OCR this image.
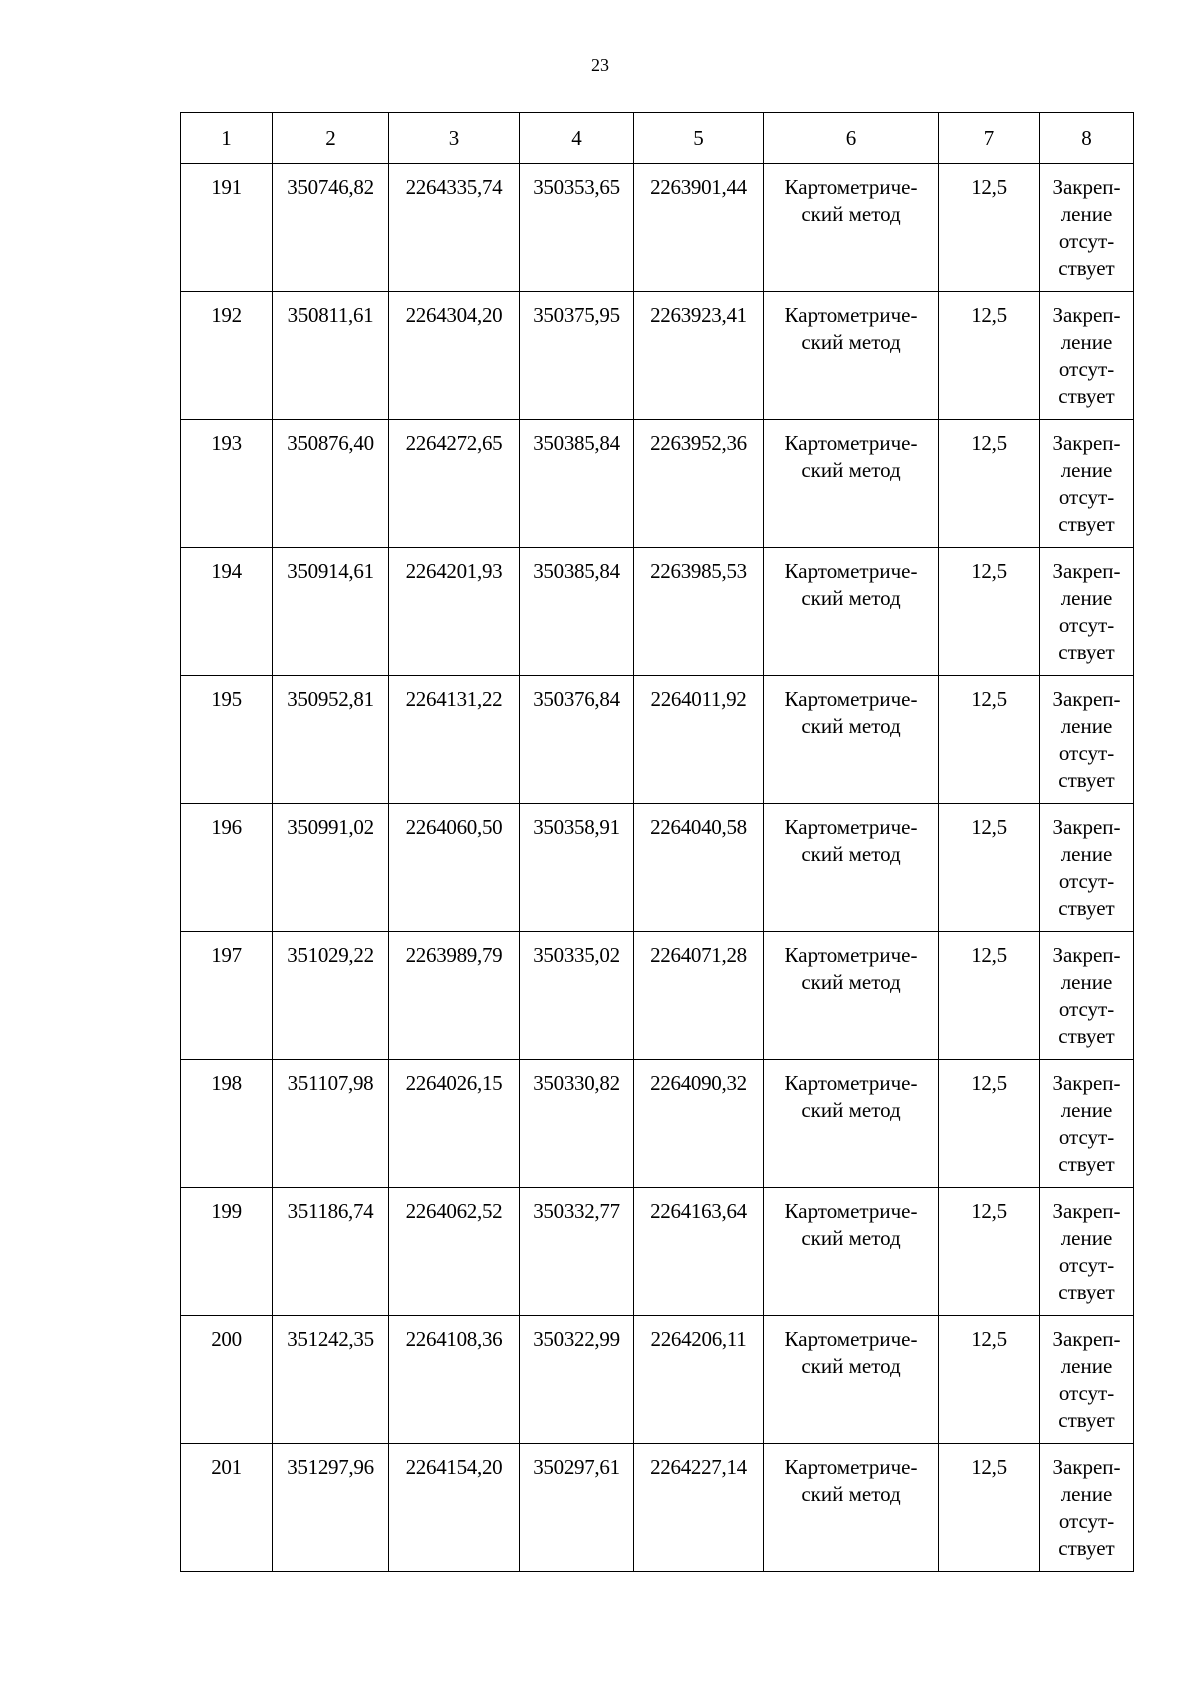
23
1	2	3	4	5	6	7	8
191	350746,82	2264335,74	350353,65	2263901,44	Картометриче-
ский метод	12,5	Закреп-
ление
отсут-
ствует
192	350811,61	2264304,20	350375,95	2263923,41	Картометриче-
ский метод	12,5	Закреп-
ление
отсут-
ствует
193	350876,40	2264272,65	350385,84	2263952,36	Картометриче-
ский метод	12,5	Закреп-
ление
отсут-
ствует
194	350914,61	2264201,93	350385,84	2263985,53	Картометриче-
ский метод	12,5	Закреп-
ление
отсут-
ствует
195	350952,81	2264131,22	350376,84	2264011,92	Картометриче-
ский метод	12,5	Закреп-
ление
отсут-
ствует
196	350991,02	2264060,50	350358,91	2264040,58	Картометриче-
ский метод	12,5	Закреп-
ление
отсут-
ствует
197	351029,22	2263989,79	350335,02	2264071,28	Картометриче-
ский метод	12,5	Закреп-
ление
отсут-
ствует
198	351107,98	2264026,15	350330,82	2264090,32	Картометриче-
ский метод	12,5	Закреп-
ление
отсут-
ствует
199	351186,74	2264062,52	350332,77	2264163,64	Картометриче-
ский метод	12,5	Закреп-
ление
отсут-
ствует
200	351242,35	2264108,36	350322,99	2264206,11	Картометриче-
ский метод	12,5	Закреп-
ление
отсут-
ствует
201	351297,96	2264154,20	350297,61	2264227,14	Картометриче-
ский метод	12,5	Закреп-
ление
отсут-
ствует
